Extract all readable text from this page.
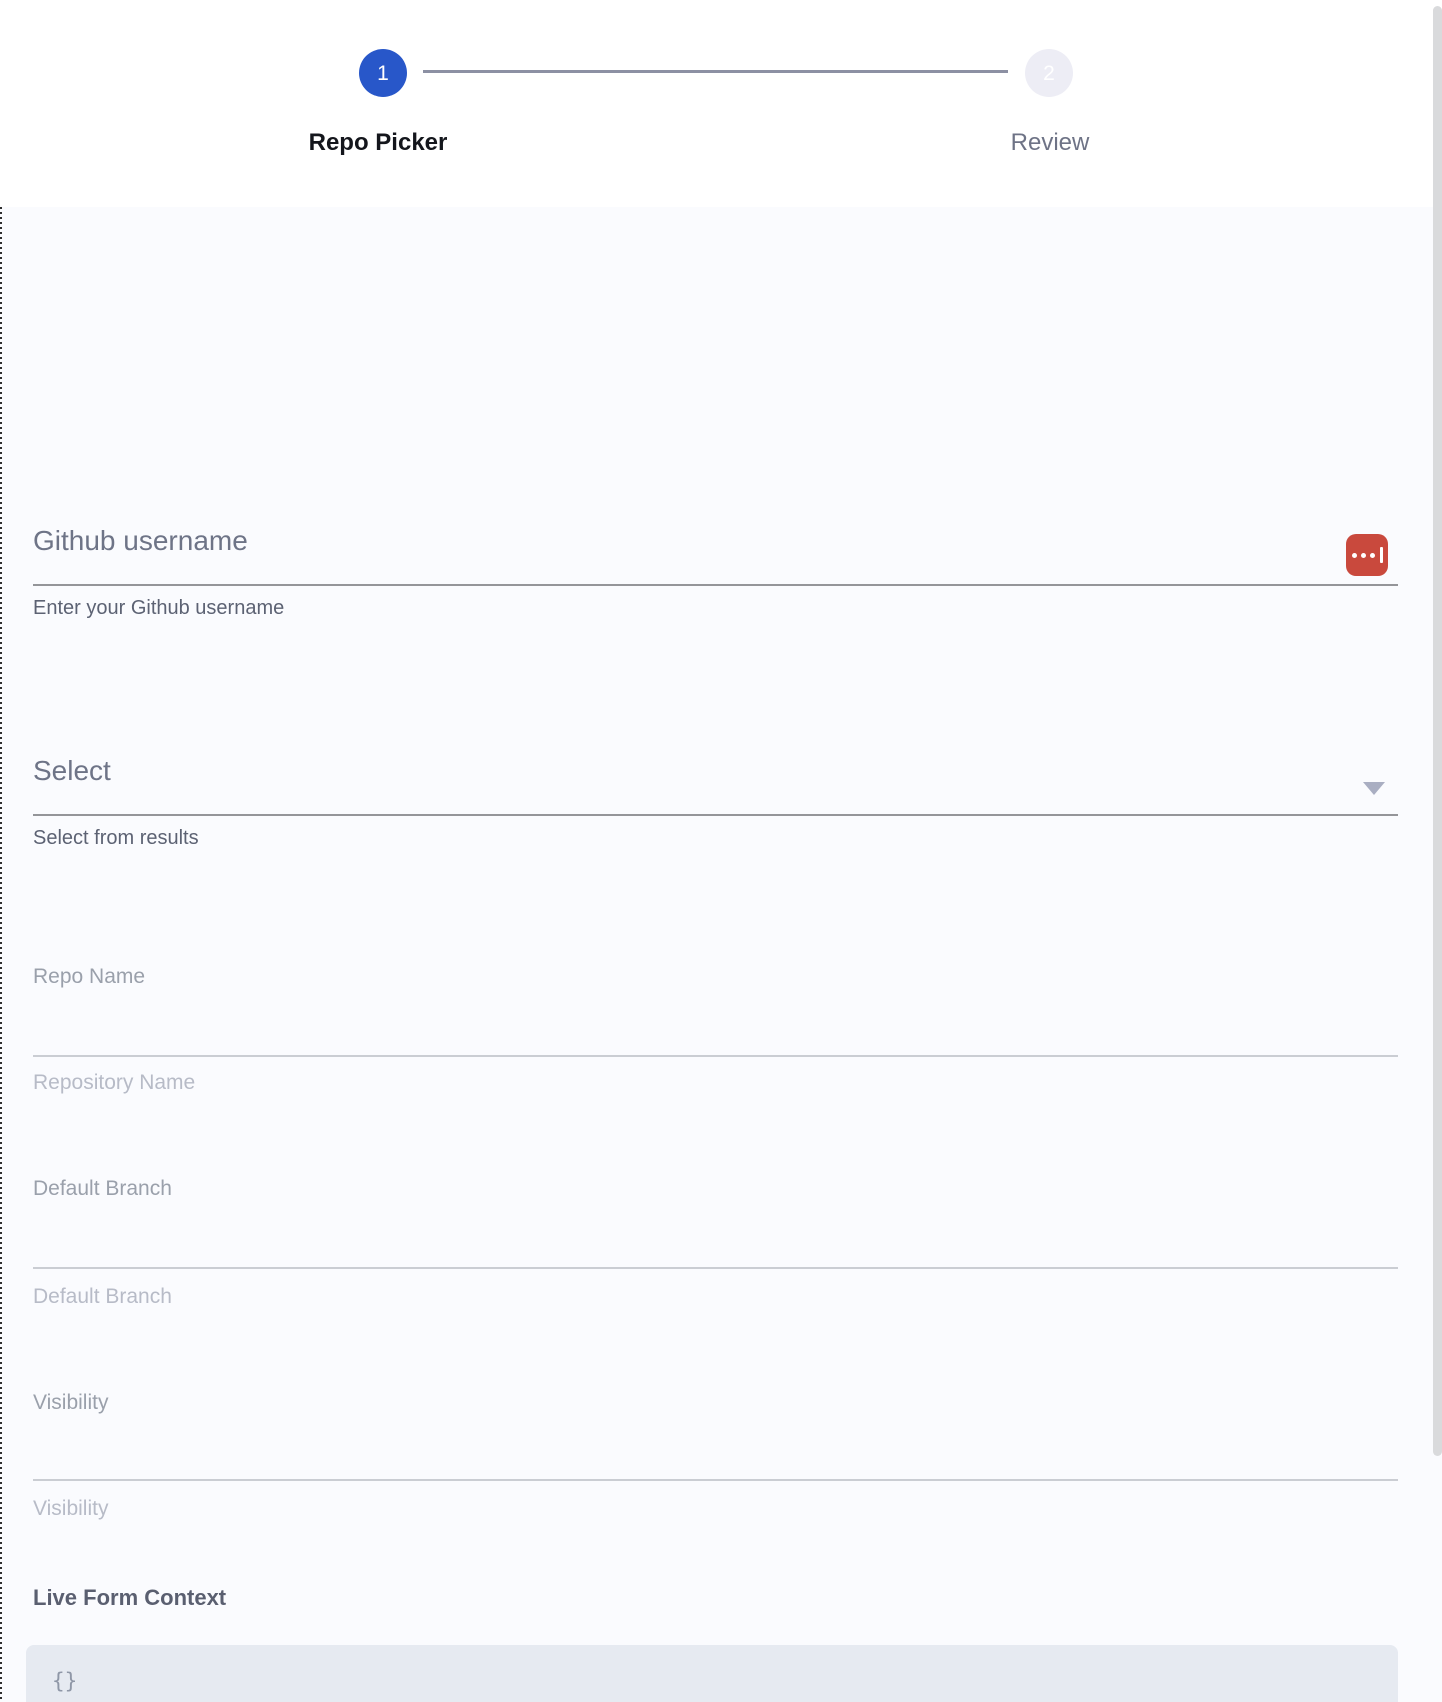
1	2
Repo Picker	Review
Github username
Enter your Github username
Select
Select from results
Repo Name
Repository Name
Default Branch
Default Branch
Visibility
Visibility
Live Form Context
{}
